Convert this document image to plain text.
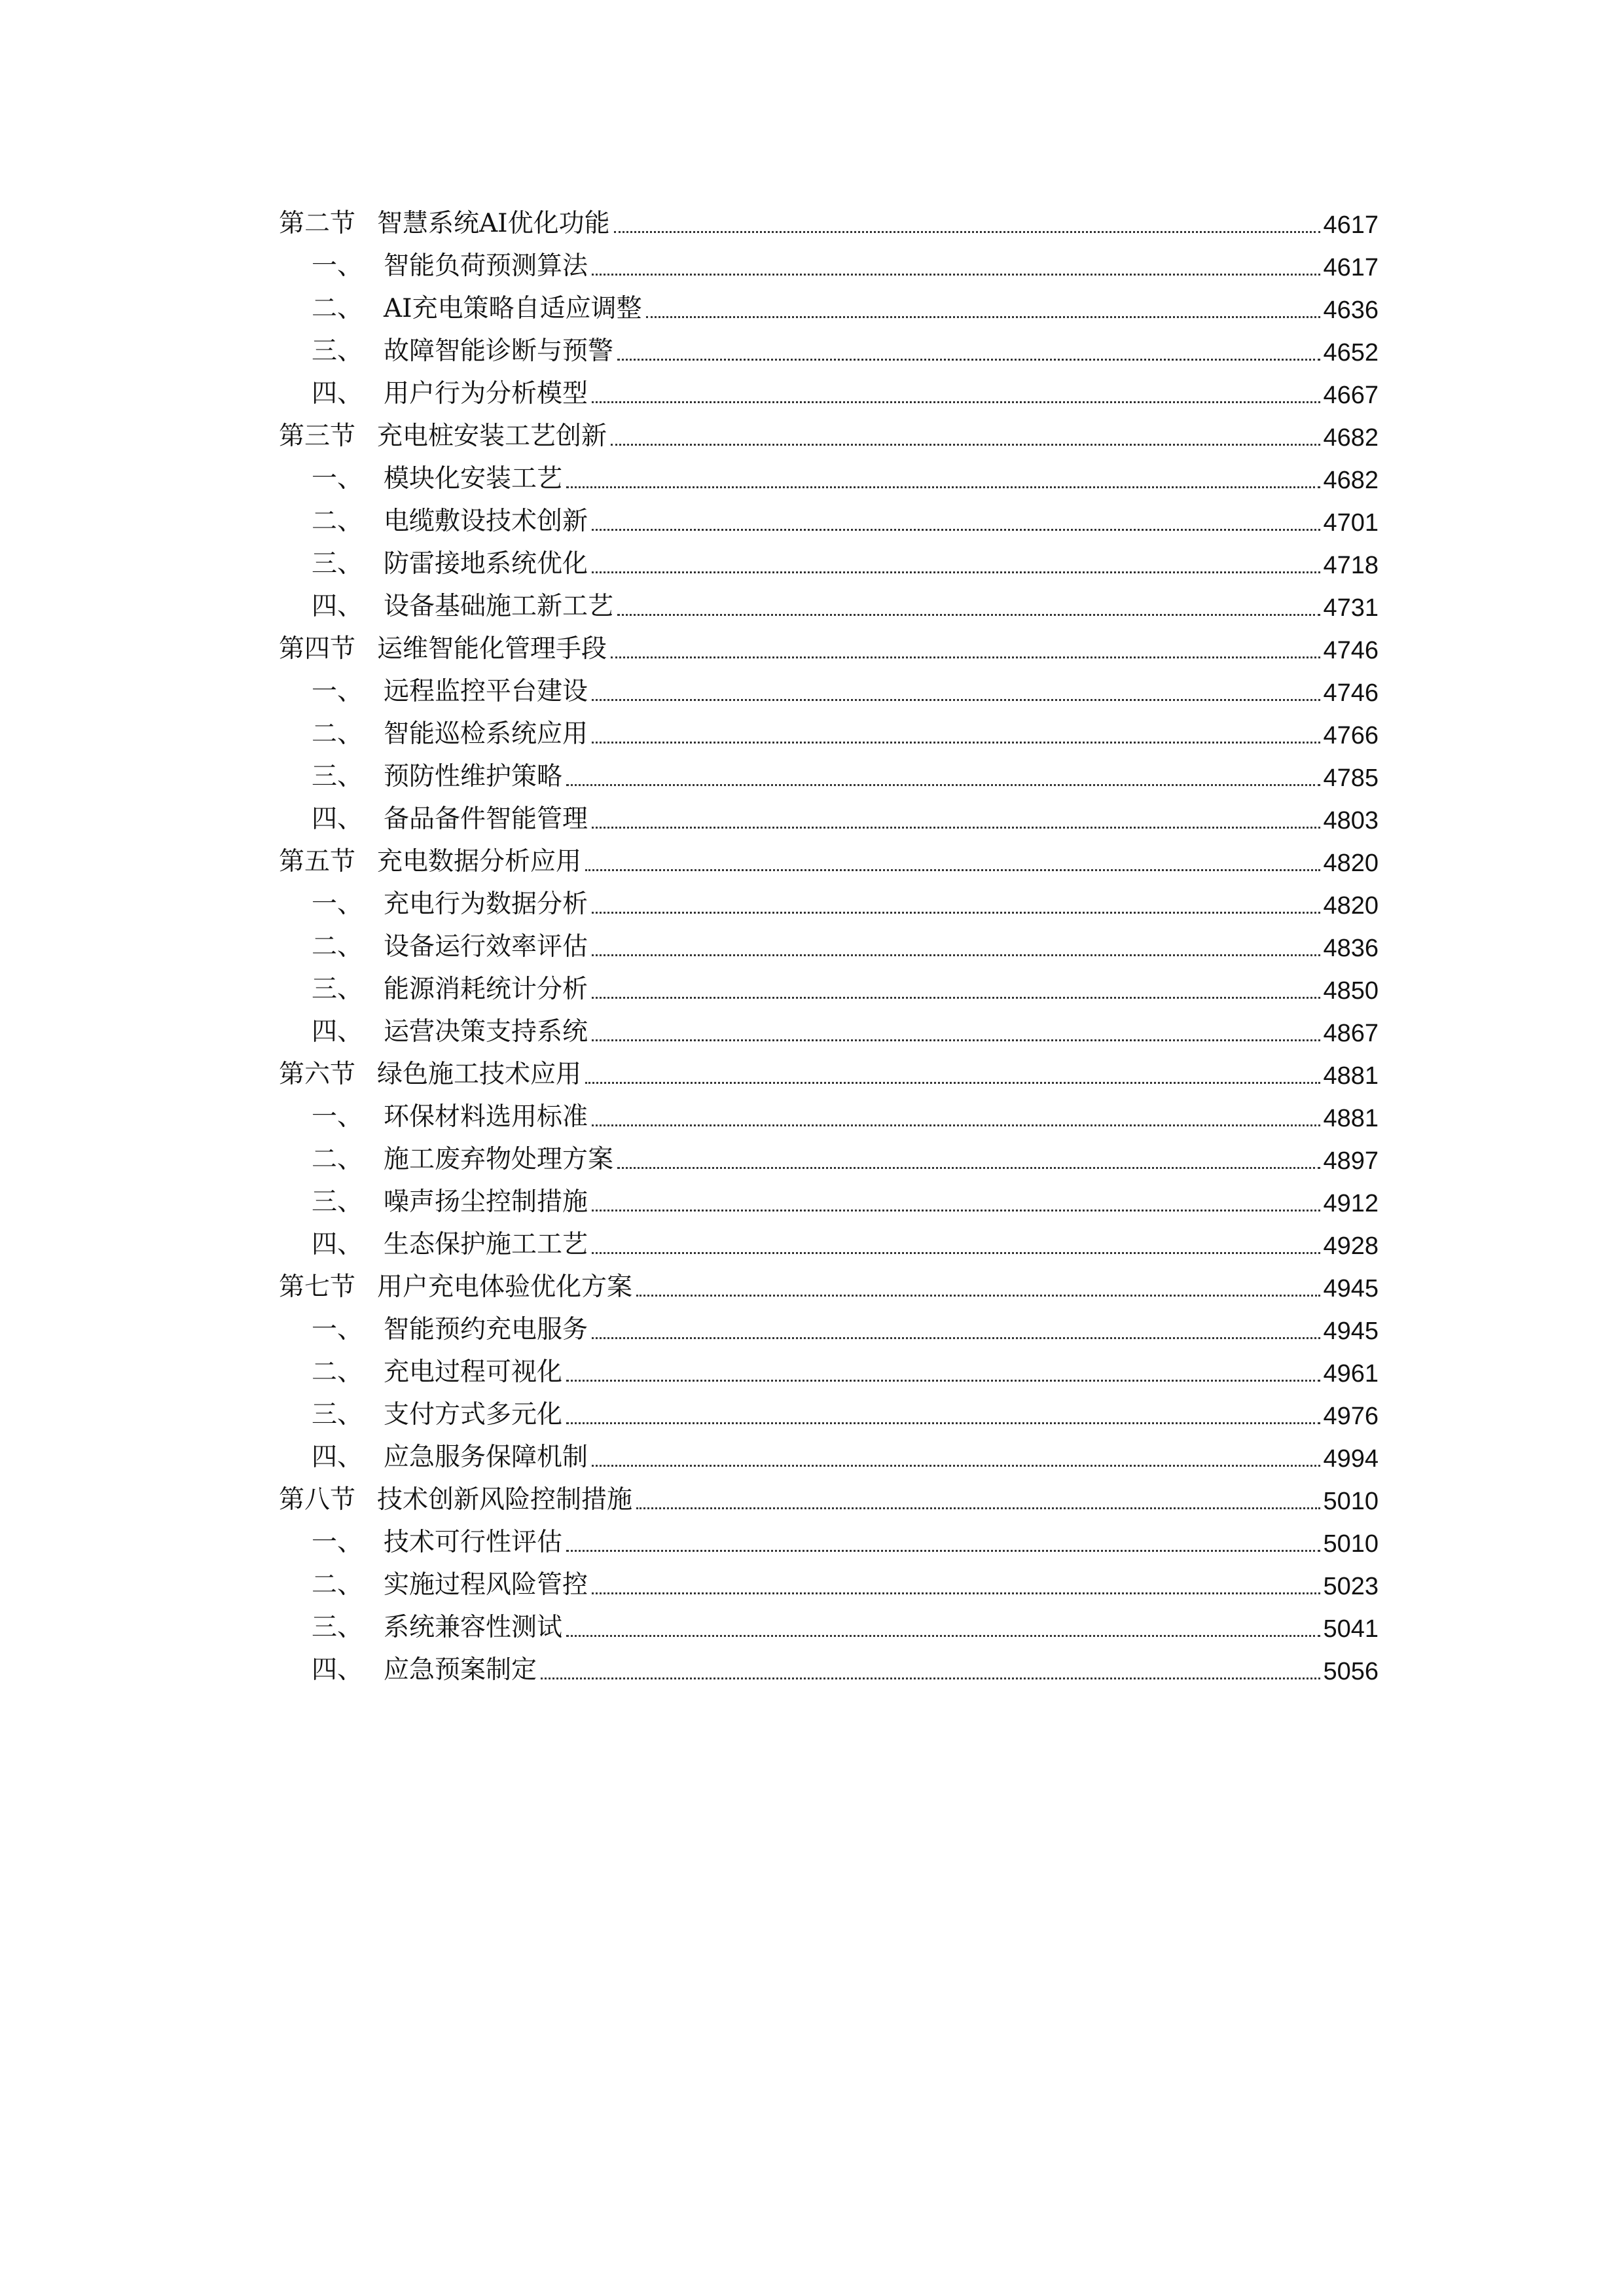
第二节 智慧系统AI优化功能	4617
一、 智能负荷预测算法	4617
二、 AI充电策略自适应调整	4636
三、 故障智能诊断与预警	4652
四、 用户行为分析模型	4667
第三节 充电桩安装工艺创新	4682
一、 模块化安装工艺	4682
二、 电缆敷设技术创新	4701
三、 防雷接地系统优化	4718
四、 设备基础施工新工艺	4731
第四节 运维智能化管理手段	4746
一、 远程监控平台建设	4746
二、 智能巡检系统应用	4766
三、 预防性维护策略	4785
四、 备品备件智能管理	4803
第五节 充电数据分析应用	4820
一、 充电行为数据分析	4820
二、 设备运行效率评估	4836
三、 能源消耗统计分析	4850
四、 运营决策支持系统	4867
第六节 绿色施工技术应用	4881
一、 环保材料选用标准	4881
二、 施工废弃物处理方案	4897
三、 噪声扬尘控制措施	4912
四、 生态保护施工工艺	4928
第七节 用户充电体验优化方案	4945
一、 智能预约充电服务	4945
二、 充电过程可视化	4961
三、 支付方式多元化	4976
四、 应急服务保障机制	4994
第八节 技术创新风险控制措施	5010
一、 技术可行性评估	5010
二、 实施过程风险管控	5023
三、 系统兼容性测试	5041
四、 应急预案制定	5056
